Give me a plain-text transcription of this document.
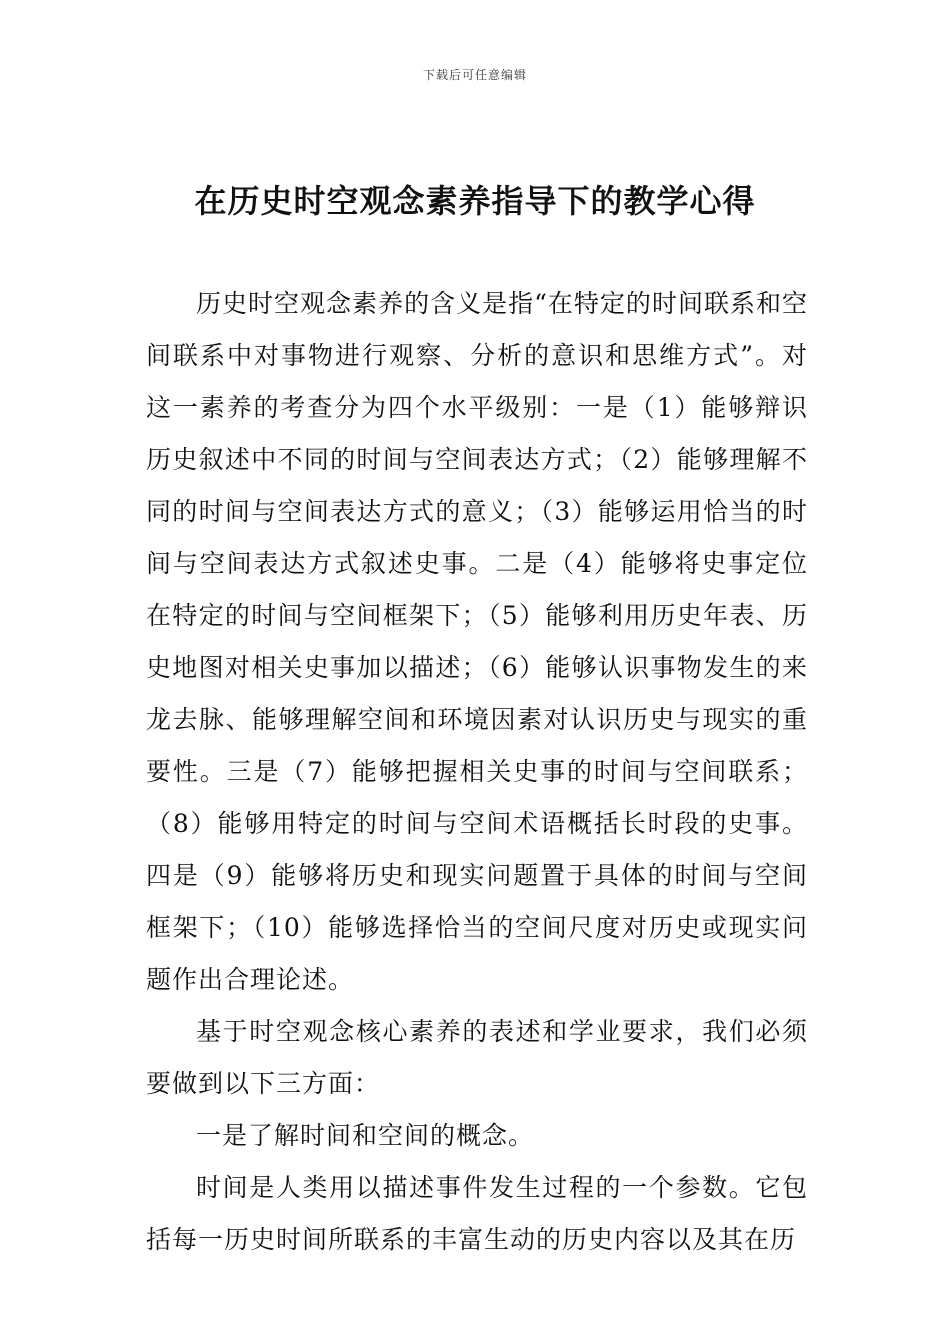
下载后可任意编辑
在历史时空观念素养指导下的教学心得

历史时空观念素养的含义是指“在特定的时间联系和空间联系中对事物进行观察、分析的意识和思维方式”。对这一素养的考查分为四个水平级别：一是（1）能够辩识历史叙述中不同的时间与空间表达方式；（2）能够理解不同的时间与空间表达方式的意义；（3）能够运用恰当的时间与空间表达方式叙述史事。二是（4）能够将史事定位在特定的时间与空间框架下；（5）能够利用历史年表、历史地图对相关史事加以描述；（6）能够认识事物发生的来龙去脉、能够理解空间和环境因素对认识历史与现实的重要性。三是（7）能够把握相关史事的时间与空间联系；（8）能够用特定的时间与空间术语概括长时段的史事。四是（9）能够将历史和现实问题置于具体的时间与空间框架下；（10）能够选择恰当的空间尺度对历史或现实问题作出合理论述。

基于时空观念核心素养的表述和学业要求，我们必须要做到以下三方面：

一是了解时间和空间的概念。

时间是人类用以描述事件发生过程的一个参数。它包括每一历史时间所联系的丰富生动的历史内容以及其在历
